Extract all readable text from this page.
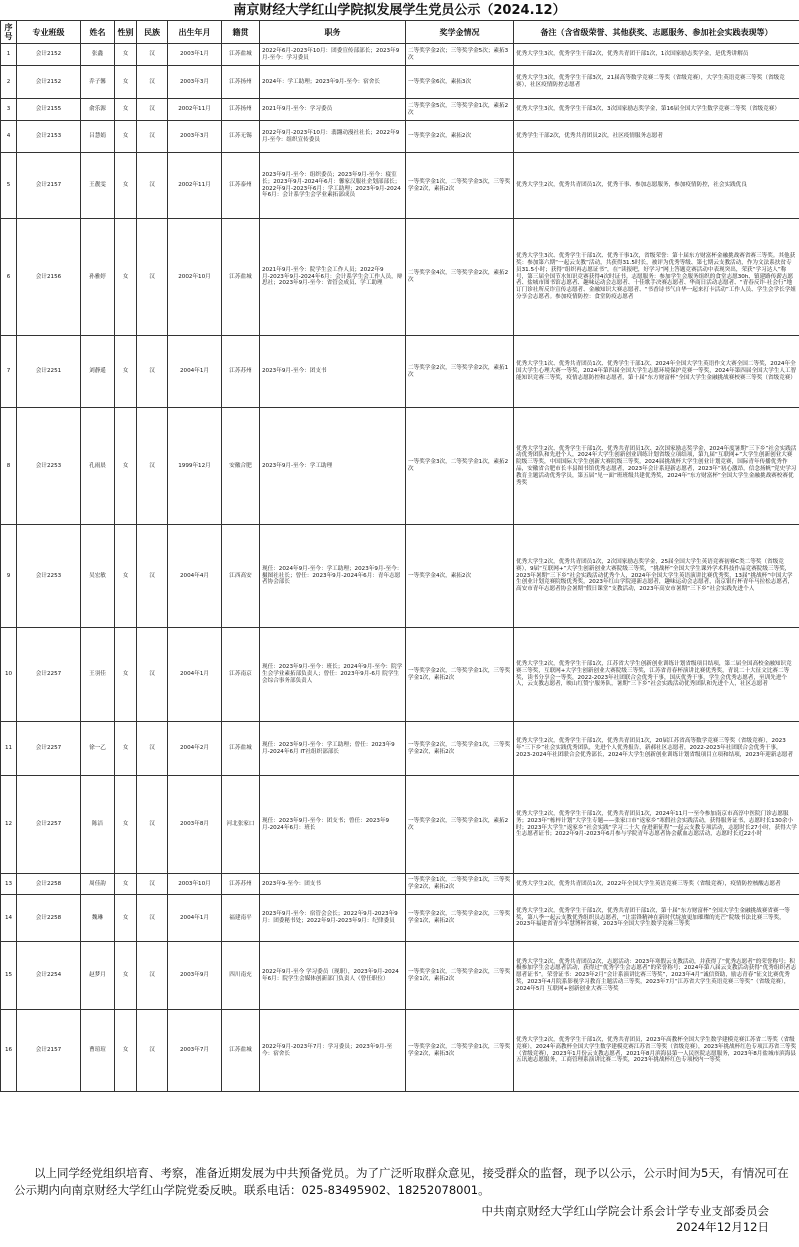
南京财经大学红山学院拟发展学生党员公示（2024.12）
序号	专业班级	姓名	性别	民族	出生年月	籍贯	职务	奖学金情况	备注（含省级荣誉、其他获奖、志愿服务、参加社会实践表现等）
1	会计2152	张鑫	女	汉	2003年1月	江苏盐城	2022年6月-2023年10月：团委宣传部部长；2023年9月-至今：学习委员	二等奖学金2次；三等奖学金5次；素拓3次	优秀大学生3次，优秀学生干部2次，优秀共青团干部1次，1次国家励志奖学金，是优秀讲解员
2	会计2152	乔子馨	女	汉	2003年3月	江苏扬州	2024年：学工助理；2023年9月-至今：宿舍长	一等奖学金6次，素拓3次	优秀大学生3次，优秀学生干部3次，21届高等数学竞赛二等奖（省级竞赛），大学生英语竞赛三等奖（省级竞赛），社区疫情防控志愿者
3	会计2155	俞乐源	女	汉	2002年11月	江苏扬州	2021年9月-至今：学习委员	二等奖学金5次，三等奖学金1次，素拓2次	优秀大学生3次，优秀学生干部3次，3次国家励志奖学金，第16届全国大学生数学竞赛二等奖（省级竞赛）
4	会计2153	吕慧娟	女	汉	2003年3月	江苏无锡	2022年9月-2023年10月：翡翾动漫社社长；2022年9月-至今：组织宣传委员	一等奖学金2次，素拓2次	优秀学生干部2次，优秀共青团员2次，社区疫情服务志愿者
5	会计2157	王靓雯	女	汉	2002年11月	江苏泰州	2023年9月-至今：组织委员；2023年9月-至今：寝室长；2023年9月-2024年6月：馨家汉服社企划部部长；2022年9月-2023年6月：学工助理；2023年9月-2024年6月：会计系学生会学业素拓部成员	一等奖学金1次，二等奖学金3次，三等奖学金2次，素拓2次	优秀大学生2次，优秀共青团员1次，优秀干事、参加志愿服务，参加疫情防控，社会实践优良
6	会计2156	孙雅婷	女	汉	2002年10月	江苏盐城	2021年9月-至今：院学生会工作人员；2022年9月-2023年9月-2024年6月：会计系学生会工作人员，辩思社；2023年9月-至今：省管会成员、学工助理	二等奖学金4次，三等奖学金2次，素拓2次	优秀大学生3次、优秀学生干部1次、优秀干事1次，省级荣誉：第十届东方财富杯金融挑战赛省赛三等奖。其他获奖：参加第六期“一起云支教”活动，共获得31.5时长，被评为优秀等级、第七期云支教活动，作为文法系扶贫专员31.5小时；获得“组织再志愿证书”，在“读报吧，好学习”网上答题竞赛活动中表现突出，荣获“学习达人”称号，第三届全国节水知识竞赛获得4次时证书。志愿服务：参加学生会服务组织的食堂志愿30h、镇建路传薪志愿者、盐城市图书馆志愿者、趣味运动会志愿者、十佳歌手决赛志愿者、华商日活动志愿者、“青春反诈·社会行”地订门诊社所反诈宣传志愿者、金融知识大赛志愿者、“书香诗书气自华一起来打卡活动”工作人员、学生会学长学姐分享会志愿者。参加疫情防控：食堂防疫志愿者
7	会计2251	刘静遥	女	汉	2004年1月	江苏苏州	2023年9月-至今：团支书	二等奖学金2次，三等奖学金2次，素拓1次	优秀大学生1次、优秀共青团员1次、优秀学生干部1次、2024年全国大学生英语作文大赛全国二等奖，2024年全国大学生心理大赛一等奖，2024年第四届全国大学生志愿环境保护竞赛一等奖，2024年第四届全国大学生人工智能知识竞赛三等奖，疫情志愿防控和志愿者，第十届“东方财富杯”全国大学生金融挑战赛校赛三等奖（省级竞赛）
8	会计2253	孔雨晨	女	汉	1999年12月	安徽合肥	2023年9月-至今：学工助理	一等奖学金3次，二等奖学金1次，素拓2次	优秀大学生2次、优秀学生干部1次、优秀共青团员1次、2次国家励志奖学金，2024年度暑期“三下乡”社会实践活动优秀团队和先进个人，2024年大学生创新创业训练计划省级立项结项，第九届“互联网+”大学生创新创业大赛院级三等奖，中国国际大学生创新大赛院级三等奖，2024届挑战杯大学生创业计划竞赛，国际青年传播优秀作品，安徽省合肥市长丰县图书馆优秀志愿者，2023年会计系迎新志愿者，2023年“初心激昂，信念扬帆”党史学习教育主题活动优秀学员，第五届“见一面”班班级共建优秀奖，2024年“东方财富杯”全国大学生金融挑战赛校赛优秀奖
9	会计2253	吴宏敏	女	汉	2004年4月	江西高安	现任：2024年9月-至今：学工助理；2023年9月-至今：摄图社社长；曾任：2023年9月-2024年6月：青年志愿者协会部长	一等奖学金4次，素拓2次	优秀大学生2次，优秀共青团员1次，2次国家励志奖学金，25届全国大学生英语竞赛初赛C类二等奖（省级竞赛），9届“互联网+”大学生创新创业大赛院级三等奖，“挑战杯”全国大学生课外学术科技作品竞赛院级三等奖，2023年暑期“三下乡”社会实践活动优秀个人，2024年全国大学生英语演讲比赛优秀奖，13届“挑战杯”中国大学生创业计划竞赛院级优秀奖，2023年红山学院迎新志愿者，趣味运动会志愿者，南京银行杯青年马拉松志愿者，高安市青年志愿者协会暑期“假日课堂”支教活动，2023年高安市暑期“三下乡”社会实践先进个人
10	会计2257	王羽佳	女	汉	2004年1月	江苏南京	现任：2023年9月-至今：班长；2024年9月-至今：院学生会学业素拓部负责人；曾任：2023年9月-6月 院学生会综合事务部负责人	一等奖学金2次，二等奖学金1次，三等奖学金1次，素拓2次	优秀大学生2次，优秀学生干部1次，江苏省大学生创新创业训练计划省级项目结项，第二届全国高校金融知识竞赛三等奖，互联网+大学生创新创业大赛院级三等奖，江苏省青春杯演讲比赛优秀奖，青说二十大征文比赛二等奖，读书分享会一等奖，2022-2023年社团联合会优秀干事，国庆优秀干事，学生会优秀志愿者，至训先进个人，云支教志愿者，映山红赞宁服务队，暑期“三下乡”社会实践活动优秀团队和先进个人，社区志愿者
11	会计2257	徐一乙	女	汉	2004年2月	江苏盐城	现任：2023年9月-至今：学工助理；曾任：2023年9月-2024年6月 IT社组织部部长	一等奖学金2次，二等奖学金1次，三等奖学金2次，素拓2次	优秀大学生2次，优秀学生干部1次，优秀共青团员1次，20届江苏省高等数学竞赛三等奖（省级竞赛），2023年“三下乡”社会实践优秀团队，先进个人优秀报告，新郝社区志愿者，2022-2023年社团联合会优秀干事，2023-2024年社团联合会优秀部长，2024年大学生创新创业训练计划省级项目立项和结项，2023年迎新志愿者
12	会计2257	陈洁	女	汉	2003年8月	河北张家口	现任：2023年9月-至今：团支书；曾任：2023年9月-2024年6月：班长	一等奖学金2次，三等奖学金1次，素拓2次	优秀大学生2次，优秀学生干部1次，优秀共青团员1次，2024年11月一至今参加南京市高淳中医院门诊志愿服务；2023年“栋梓计划”大学生专题——张家口市“返家乡”寒假社会实践活动，获得服务证书，志愿时长130余小时；2023年大学生“返家乡”社会实践“学习二十大 奋进新征程”一起云支教专项活动，志愿时长27小时，获得大学生志愿者证书；2022年9月-2023年6月参与学院青年志愿者协会献血志愿活动，志愿时长近22小时
13	会计2258	周佳韵	女	汉	2003年10月	江苏苏州	2023年9-至今：团支书	一等奖学金1次，二等奖学金1次，三等奖学金2次，素拓2次	优秀大学生2次，优秀共青团员1次，2022年全国大学生英语竞赛三等奖（省级竞赛），疫情防控核酸志愿者
14	会计2258	魏琳	女	汉	2004年1月	福建南平	2023年9月-至今：宿管会会长；2022年9月-2023年9月：团委秘书处；2022年9月-2023年9月：纪律委员	一等奖学金2次，二等奖学金2次，三等奖学金1次，素拓2次	优秀大学生2次，优秀学生干部1次，优秀共青团干部1次，第十届“东方财富杯”全国大学生金融挑战赛省赛一等奖，第八季一起云支教优秀组织员志愿者，“让雷锋精神在新时代绽放更加璀璨的光芒”院级书法比赛三等奖，2023年福建省青少年慧博杯省赛，2023年全国大学生数学竞赛三等奖
15	会计2254	赵梦月	女	汉	2003年9月	四川南充	2022年9月-至今 学习委员（现职），2023年9月-2024年6月：院学生会媒体创新部门负责人（曾任职位）	一等奖学金1次，二等奖学金2次，三等奖学金1次，素拓2次	优秀大学生2次，优秀共青团员2次，志愿活动：2023年寒假云支教活动，并获得了“优秀志愿者”的荣誉称号；积极参加学生会志愿者活动，获得过“优秀学生会志愿者”的荣誉称号；2024年第八届云支教活动获得“优秀组织者志愿者证书”。荣誉证书：2023年2月“会计系演讲比赛三等奖”，2023年4月“诚信资助，励志青春”征文比赛优秀奖，2023年4月院系影视学习教育主题活动三等奖，2023年7月“江苏省大学生英语竞赛三等奖”（省级竞赛），2024年5月 互联网+创新创业大赛三等奖
16	会计2157	曹瑄瑄	女	汉	2003年7月	江苏盐城	2022年9月-2023年7月：学习委员；2023年9月-至今：宿舍长	一等奖学金2次，二等奖学金1次，三等奖学金2次，素拓3次	优秀大学生2次，优秀学生干部1次，优秀共青团员，2023年高教杯全国大学生数学建模竞赛江苏省二等奖（省级竞赛），2024年高教杯全国大学生数学建模竞赛江苏省三等奖（省级竞赛），2023年挑战杯红色专项江苏省三等奖（省级竞赛），2023年1月份云支教志愿者，2021年8月滨海县第一人民医院志愿服务，2023年8月盐城市滨海县五讯迪志愿服务，工商管理系演讲比赛二等奖，2023年挑战杯红色专项校内一等奖
以上同学经党组织培育、考察，准备近期发展为中共预备党员。为了广泛听取群众意见，接受群众的监督，现予以公示，公示时间为5天，有情况可在公示期内向南京财经大学红山学院党委反映。联系电话：025-83495902、18252078001。
中共南京财经大学红山学院会计系会计学专业支部委员会
2024年12月12日
